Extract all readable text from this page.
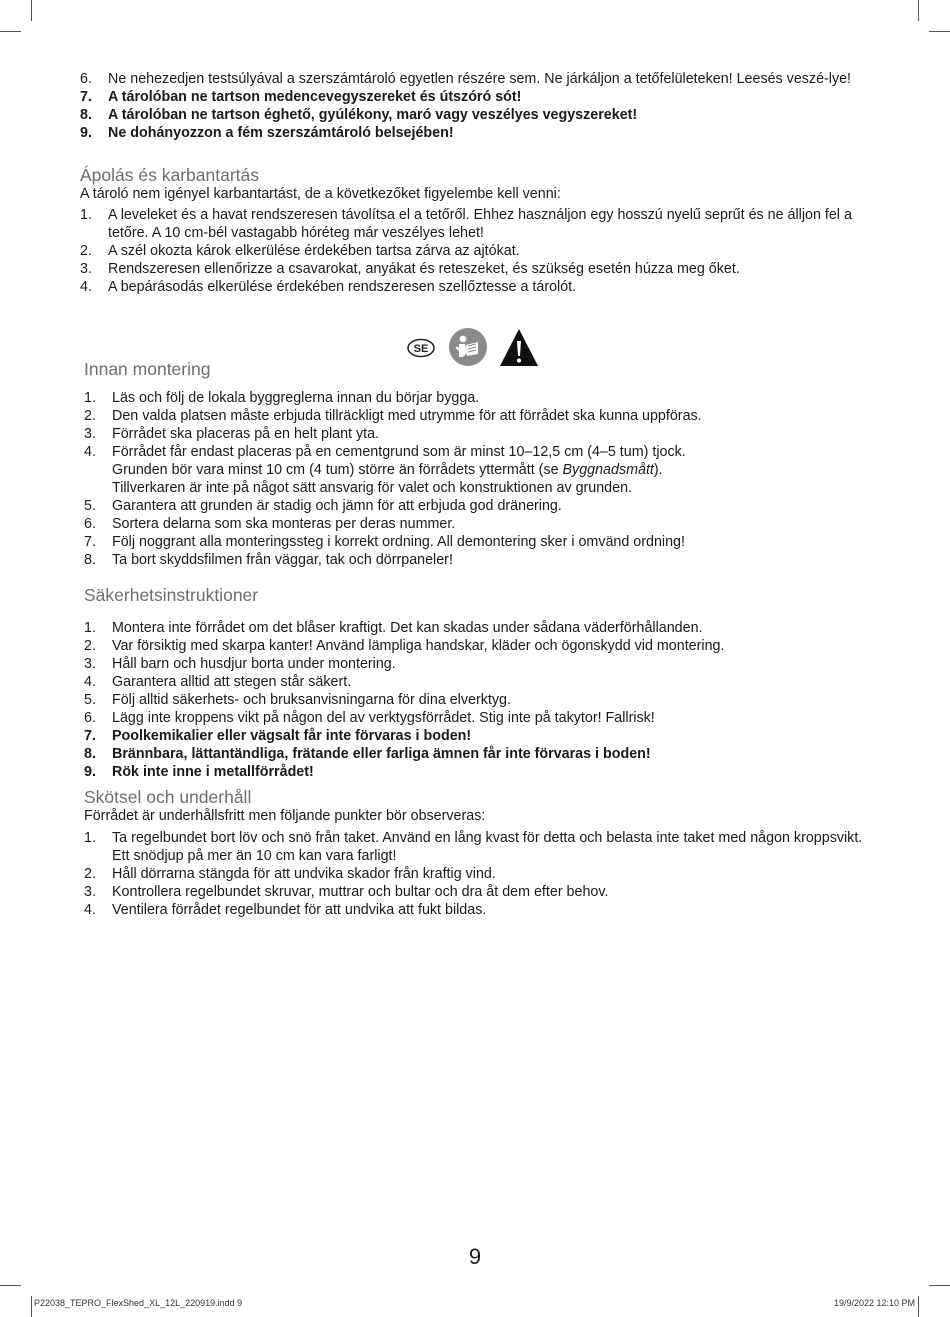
6. Ne nehezedjen testsúlyával a szerszámtároló egyetlen részére sem. Ne járkáljon a tetőfelületeken! Leesés veszé-lye!
7. A tárolóban ne tartson medencevegyszereket és útszóró sót!
8. A tárolóban ne tartson éghető, gyúlékony, maró vagy veszélyes vegyszereket!
9. Ne dohányozzon a fém szerszámtároló belsejében!
Ápolás és karbantartás

A tároló nem igényel karbantartást, de a következőket figyelembe kell venni:

1. A leveleket és a havat rendszeresen távolítsa el a tetőről. Ehhez használjon egy hosszú nyelű seprűt és ne álljon fel a tetőre. A 10 cm-bél vastagabb hóréteg már veszélyes lehet!
2. A szél okozta károk elkerülése érdekében tartsa zárva az ajtókat.
3. Rendszeresen ellenőrizze a csavarokat, anyákat és reteszeket, és szükség esetén húzza meg őket.
4. A bepárásodás elkerülése érdekében rendszeresen szellőztesse a tárolót.
SE
Innan montering
1. Läs och följ de lokala byggreglerna innan du börjar bygga.
2. Den valda platsen måste erbjuda tillräckligt med utrymme för att förrådet ska kunna uppföras.
3. Förrådet ska placeras på en helt plant yta.
4. Förrådet får endast placeras på en cementgrund som är minst 10–12,5 cm (4–5 tum) tjock.
Grunden bör vara minst 10 cm (4 tum) större än förrådets yttermått (se Byggnadsmått).
Tillverkaren är inte på något sätt ansvarig för valet och konstruktionen av grunden.
5. Garantera att grunden är stadig och jämn för att erbjuda god dränering.
6. Sortera delarna som ska monteras per deras nummer.
7. Följ noggrant alla monteringssteg i korrekt ordning. All demontering sker i omvänd ordning!
8. Ta bort skyddsfilmen från väggar, tak och dörrpaneler!
Säkerhetsinstruktioner
1. Montera inte förrådet om det blåser kraftigt. Det kan skadas under sådana väderförhållanden.
2. Var försiktig med skarpa kanter! Använd lämpliga handskar, kläder och ögonskydd vid montering.
3. Håll barn och husdjur borta under montering.
4. Garantera alltid att stegen står säkert.
5. Följ alltid säkerhets- och bruksanvisningarna för dina elverktyg.
6. Lägg inte kroppens vikt på någon del av verktygsförrådet. Stig inte på takytor! Fallrisk!
7. Poolkemikalier eller vägsalt får inte förvaras i boden!
8. Brännbara, lättantändliga, frätande eller farliga ämnen får inte förvaras i boden!
9. Rök inte inne i metallförrådet!
Skötsel och underhåll

Förrådet är underhållsfritt men följande punkter bör observeras:

1. Ta regelbundet bort löv och snö från taket. Använd en lång kvast för detta och belasta inte taket med någon kroppsvikt. Ett snödjup på mer än 10 cm kan vara farligt!
2. Håll dörrarna stängda för att undvika skador från kraftig vind.
3. Kontrollera regelbundet skruvar, muttrar och bultar och dra åt dem efter behov.
4. Ventilera förrådet regelbundet för att undvika att fukt bildas.
9
P22038_TEPRO_FlexShed_XL_12L_220919.indd 9	19/9/2022 12:10 PM
